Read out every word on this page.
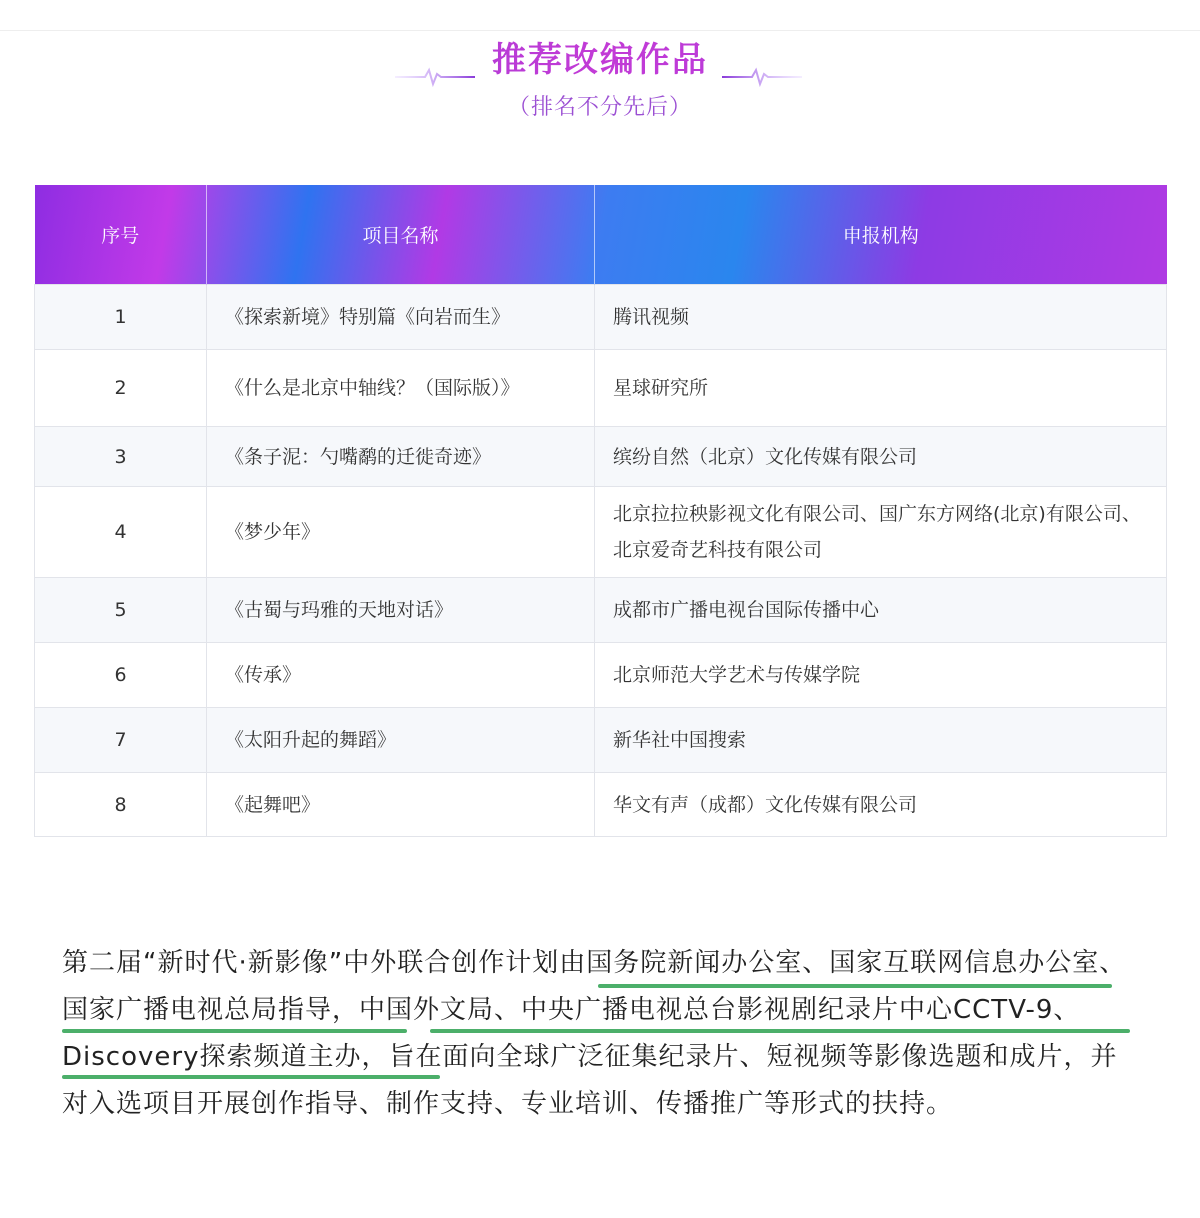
推荐改编作品
（排名不分先后）
序号	项目名称	申报机构
1	《探索新境》特别篇《向岩而生》	腾讯视频
2	《什么是北京中轴线？（国际版）》	星球研究所
3	《条子泥：勺嘴鹬的迁徙奇迹》	缤纷自然（北京）文化传媒有限公司
4	《梦少年》	北京拉拉秧影视文化有限公司、国广东方网络(北京)有限公司、北京爱奇艺科技有限公司
5	《古蜀与玛雅的天地对话》	成都市广播电视台国际传播中心
6	《传承》	北京师范大学艺术与传媒学院
7	《太阳升起的舞蹈》	新华社中国搜索
8	《起舞吧》	华文有声（成都）文化传媒有限公司
第二届“新时代·新影像”中外联合创作计划由国务院新闻办公室、国家互联网信息办公室、国家广播电视总局指导，中国外文局、中央广播电视总台影视剧纪录片中心CCTV-9、Discovery探索频道主办，旨在面向全球广泛征集纪录片、短视频等影像选题和成片，并对入选项目开展创作指导、制作支持、专业培训、传播推广等形式的扶持。
